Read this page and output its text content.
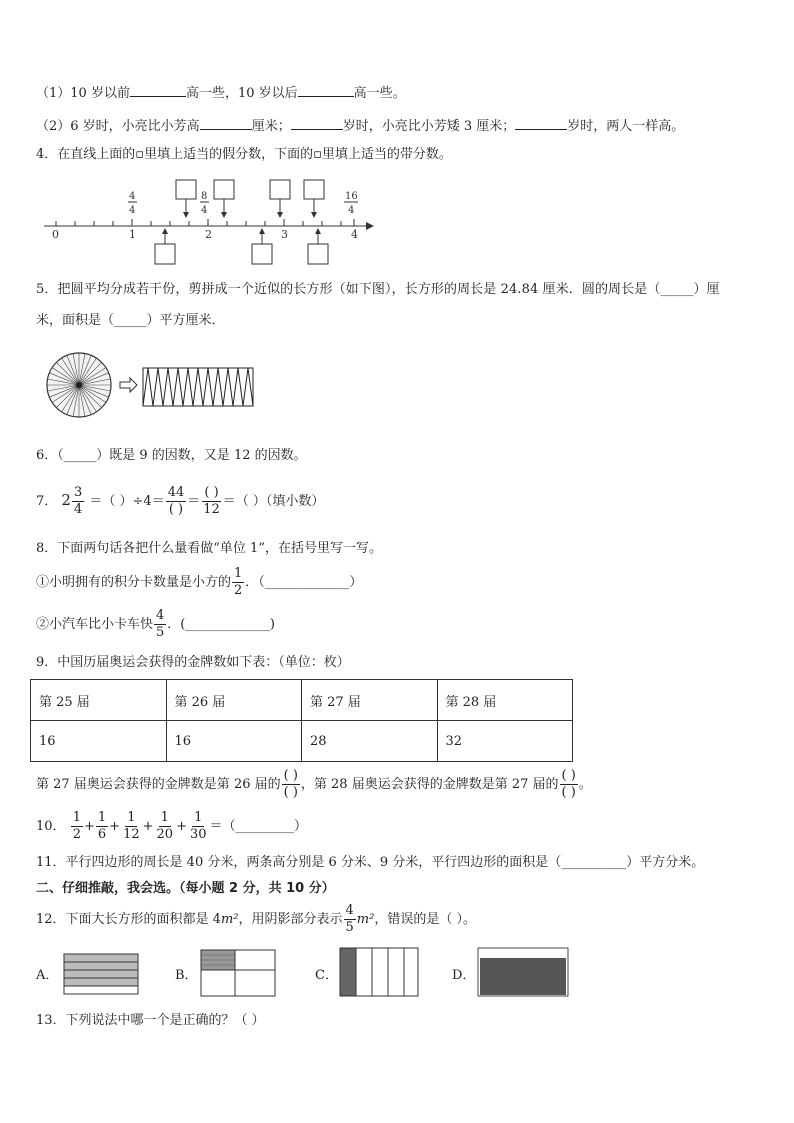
（1）10 岁以前	高一些，10 岁以后	高一些。
（2）6 岁时，小亮比小芳高	厘米；	岁时，小亮比小芳矮 3 厘米；	岁时，两人一样高。
4．在直线上面的▫里填上适当的假分数，下面的▫里填上适当的带分数。
0	1	2	3	4
4
4
8
4
16
4
5．把圆平均分成若干份，剪拼成一个近似的长方形（如下图），长方形的周长是 24.84 厘米．圆的周长是（_____）厘
米，面积是（_____）平方厘米．
6．（_____）既是 9 的因数，又是 12 的因数。
7． $2 \frac{3}{4}$ ＝（ ）$\div 4= \frac{44}{( )} = \frac{( )}{12}$ ＝（ ）（填小数）
8．下面两句话各把什么量看做“单位 1”，在括号里写一写。
①小明拥有的积分卡数量是小方的 $\frac{1}{2}$ ．（_____________）
②小汽车比小卡车快 $\frac{4}{5}$ ．(_____________)
9．中国历届奥运会获得的金牌数如下表：（单位：枚）
第 25 届	第 26 届	第 27 届	第 28 届
16	16	28	32
第 27 届奥运会获得的金牌数是第 26 届的 $\frac{( )}{( )}$ ，第 28 届奥运会获得的金牌数是第 27 届的 $\frac{( )}{( )}$ 。
10． $\frac{1}{2} + \frac{1}{6} + \frac{1}{12} + \frac{1}{20} + \frac{1}{30}$ ＝（_________）
11．平行四边形的周长是 40 分米，两条高分别是 6 分米、9 分米，平行四边形的面积是（__________）平方分米。
二、仔细推敲，我会选。（每小题 2 分，共 10 分）
12．下面大长方形的面积都是 4m²，用阴影部分表示 $\frac{4}{5} m^2$，错误的是（ ）。
A．	B．	C．	D．
13．下列说法中哪一个是正确的？（ ）
